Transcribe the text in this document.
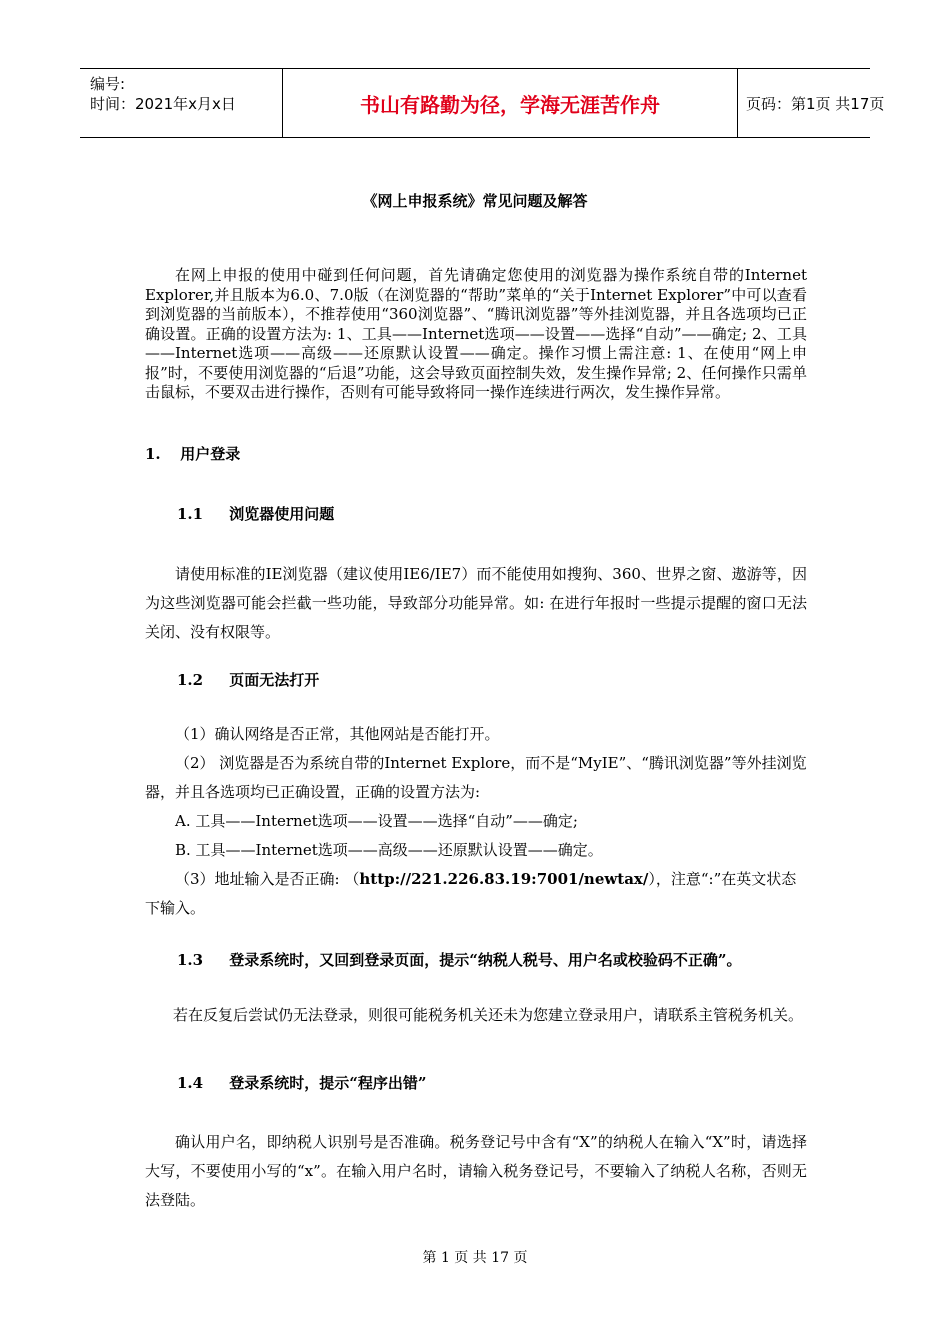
编号:
时间：2021年x月x日	书山有路勤为径，学海无涯苦作舟	页码：第1页 共17页
《网上申报系统》常见问题及解答
在网上申报的使用中碰到任何问题，首先请确定您使用的浏览器为操作系统自带的Internet Explorer,并且版本为6.0、7.0版（在浏览器的“帮助”菜单的“关于Internet Explorer”中可以查看到浏览器的当前版本），不推荐使用“360浏览器”、“腾讯浏览器”等外挂浏览器，并且各选项均已正确设置。正确的设置方法为: 1、工具——Internet选项——设置——选择“自动”——确定; 2、工具——Internet选项——高级——还原默认设置——确定。操作习惯上需注意: 1、在使用“网上申报”时，不要使用浏览器的“后退”功能，这会导致页面控制失效，发生操作异常; 2、任何操作只需单击鼠标，不要双击进行操作，否则有可能导致将同一操作连续进行两次，发生操作异常。
1. 用户登录
1.1 浏览器使用问题
请使用标准的IE浏览器（建议使用IE6/IE7）而不能使用如搜狗、360、世界之窗、遨游等，因为这些浏览器可能会拦截一些功能，导致部分功能异常。如: 在进行年报时一些提示提醒的窗口无法关闭、没有权限等。
1.2 页面无法打开
（1）确认网络是否正常，其他网站是否能打开。
（2） 浏览器是否为系统自带的Internet Explore，而不是“MyIE”、“腾讯浏览器”等外挂浏览器，并且各选项均已正确设置，正确的设置方法为:
A. 工具——Internet选项——设置——选择“自动”——确定;
B. 工具——Internet选项——高级——还原默认设置——确定。
（3）地址输入是否正确: （http://221.226.83.19:7001/newtax/），注意“:”在英文状态下输入。
1.3 登录系统时，又回到登录页面，提示“纳税人税号、用户名或校验码不正确”。
若在反复后尝试仍无法登录，则很可能税务机关还未为您建立登录用户，请联系主管税务机关。
1.4 登录系统时，提示“程序出错”
确认用户名，即纳税人识别号是否准确。税务登记号中含有“X”的纳税人在输入“X”时，请选择大写，不要使用小写的“x”。在输入用户名时，请输入税务登记号，不要输入了纳税人名称，否则无法登陆。
第 1 页 共 17 页
